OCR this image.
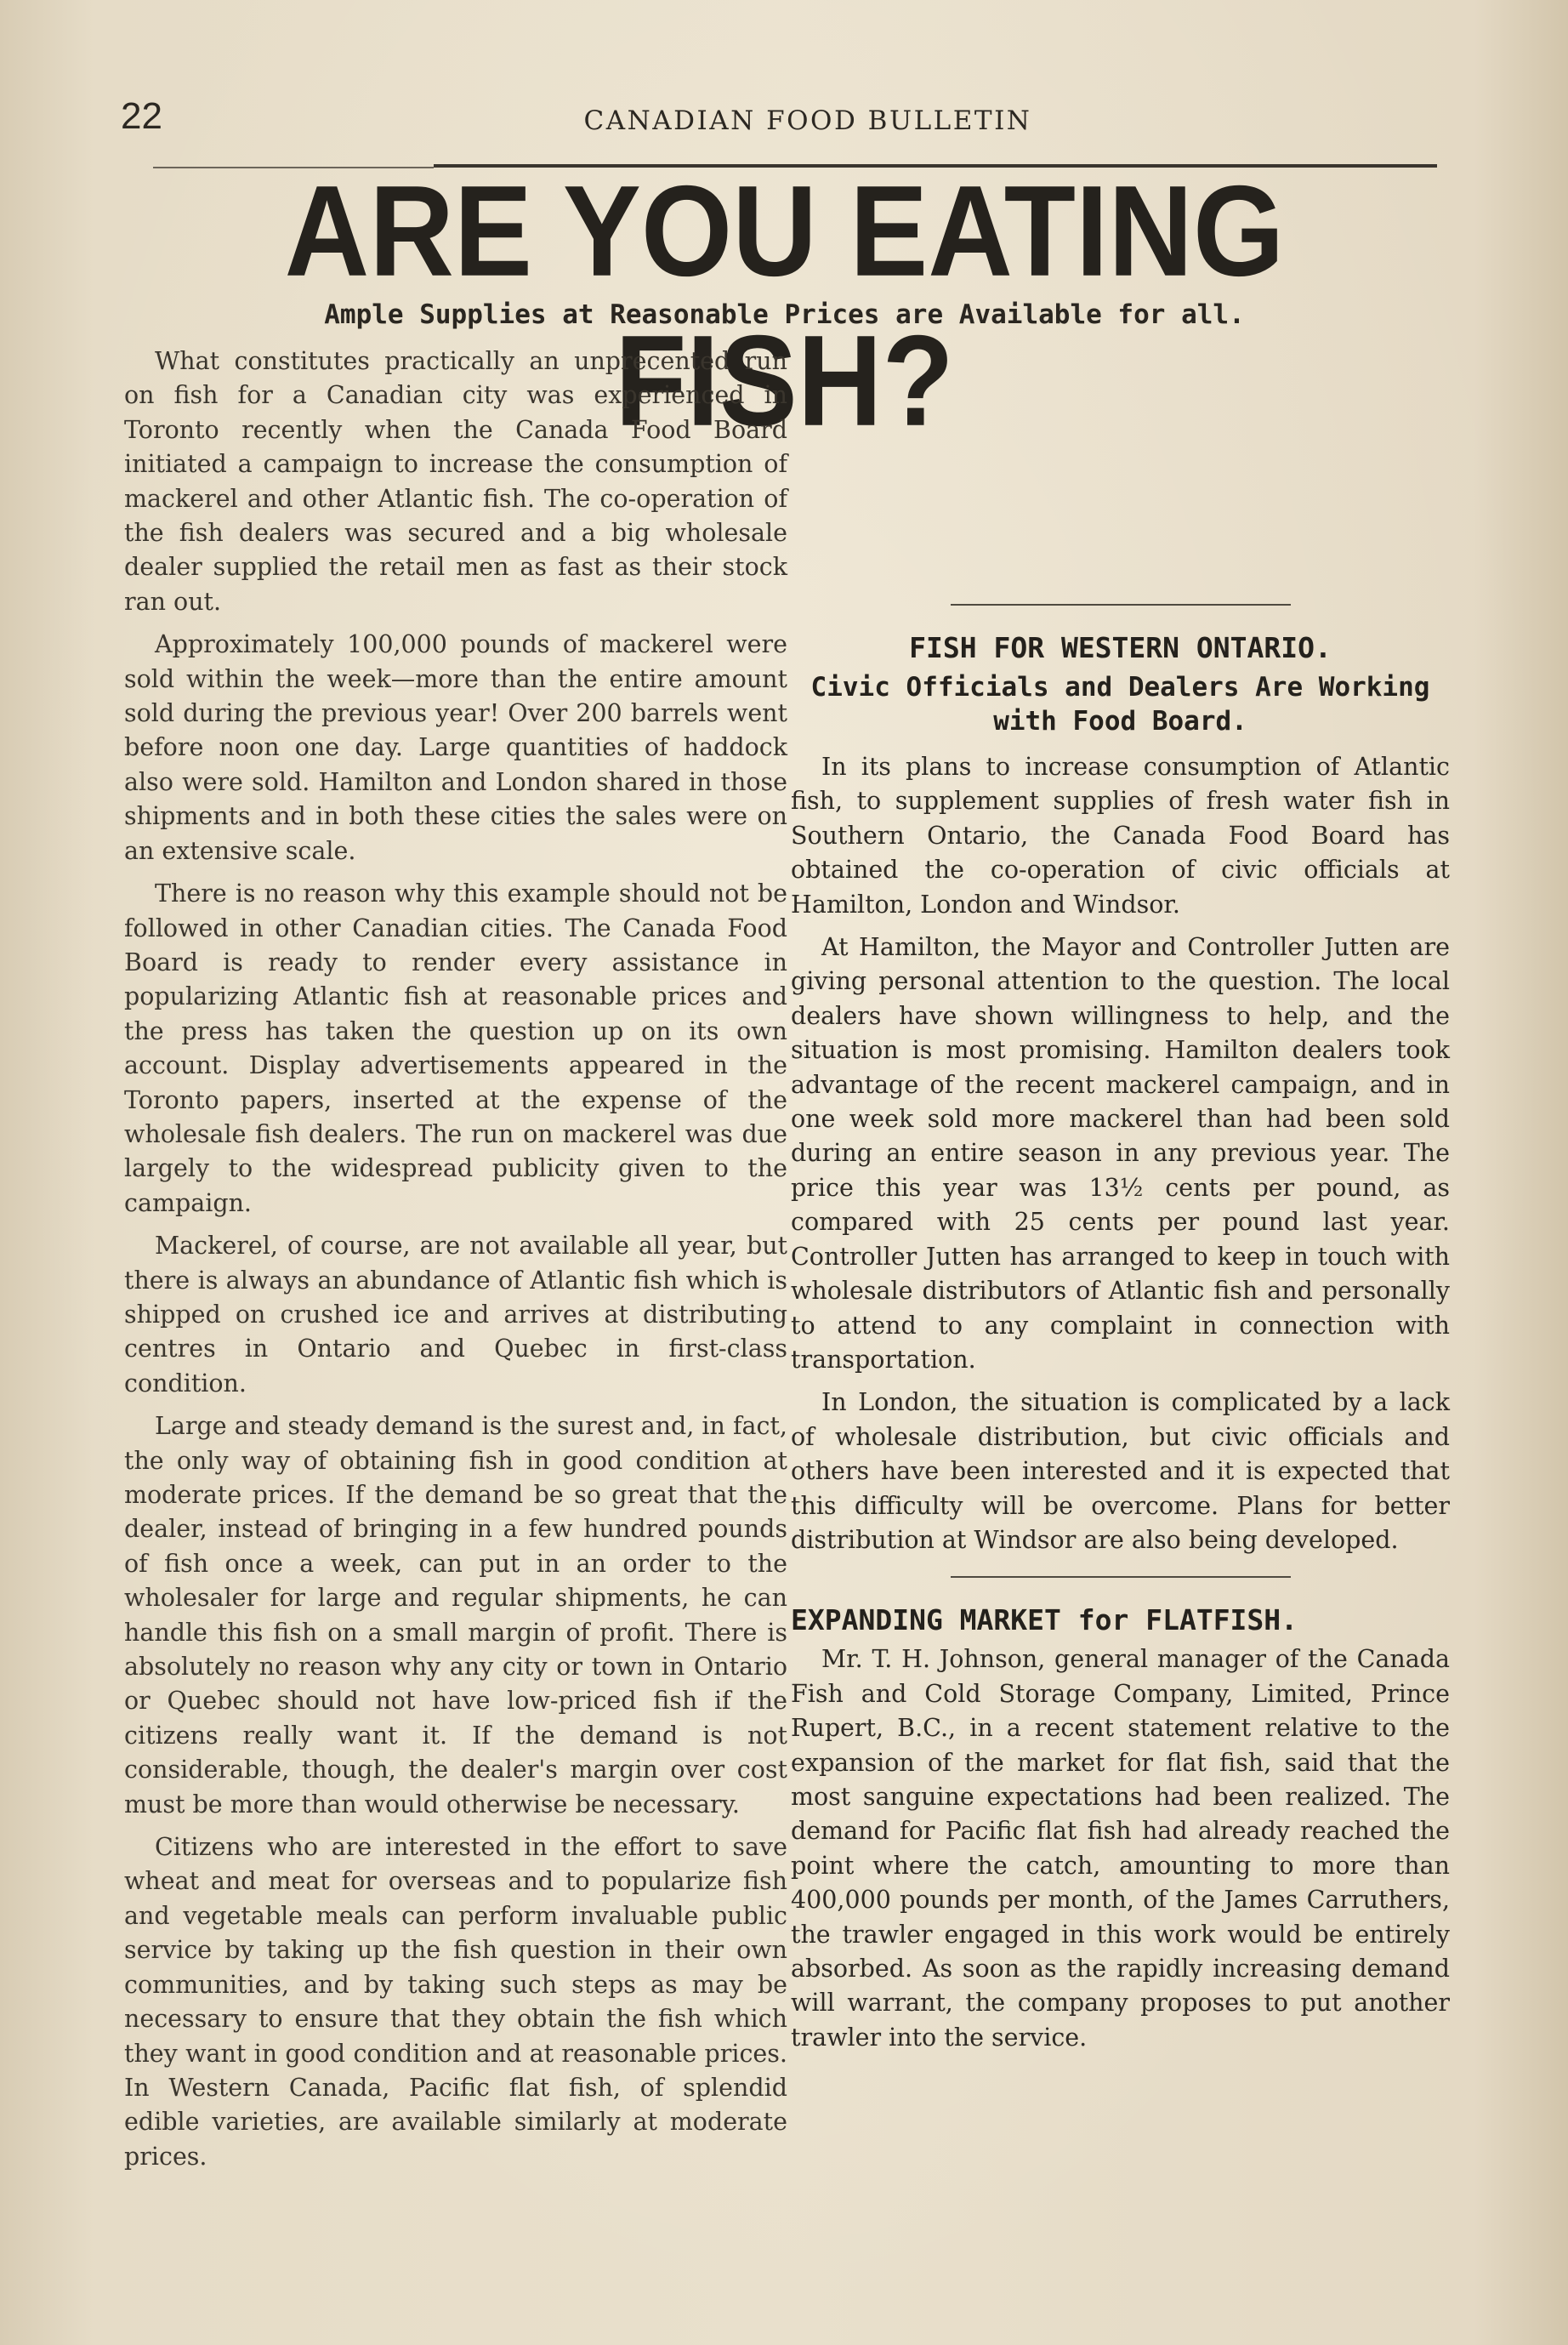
22	CANADIAN FOOD BULLETIN
ARE YOU EATING FISH?
Ample Supplies at Reasonable Prices are Available for all.

What constitutes practically an unprecented run on fish for a Canadian city was experienced in Toronto recently when the Canada Food Board initiated a campaign to increase the consumption of mackerel and other Atlantic fish. The co-operation of the fish dealers was secured and a big wholesale dealer supplied the retail men as fast as their stock ran out.

Approximately 100,000 pounds of mackerel were sold within the week—more than the entire amount sold during the previous year! Over 200 barrels went before noon one day. Large quantities of haddock also were sold. Hamilton and London shared in those shipments and in both these cities the sales were on an extensive scale.

There is no reason why this example should not be followed in other Canadian cities. The Canada Food Board is ready to render every assistance in popularizing Atlantic fish at reasonable prices and the press has taken the question up on its own account. Display advertisements appeared in the Toronto papers, inserted at the expense of the wholesale fish dealers. The run on mackerel was due largely to the widespread publicity given to the campaign.

Mackerel, of course, are not available all year, but there is always an abundance of Atlantic fish which is shipped on crushed ice and arrives at distributing centres in Ontario and Quebec in first-class condition.

Large and steady demand is the surest and, in fact, the only way of obtaining fish in good condition at moderate prices. If the demand be so great that the dealer, instead of bringing in a few hundred pounds of fish once a week, can put in an order to the wholesaler for large and regular shipments, he can handle this fish on a small margin of profit. There is absolutely no reason why any city or town in Ontario or Quebec should not have low-priced fish if the citizens really want it. If the demand is not considerable, though, the dealer's margin over cost must be more than would otherwise be necessary.

Citizens who are interested in the effort to save wheat and meat for overseas and to popularize fish and vegetable meals can perform invaluable public service by taking up the fish question in their own communities, and by taking such steps as may be necessary to ensure that they obtain the fish which they want in good condition and at reasonable prices. In Western Canada, Pacific flat fish, of splendid edible varieties, are available similarly at moderate prices.

FISH FOR WESTERN ONTARIO.
Civic Officials and Dealers Are Working with Food Board.

In its plans to increase consumption of Atlantic fish, to supplement supplies of fresh water fish in Southern Ontario, the Canada Food Board has obtained the co-operation of civic officials at Hamilton, London and Windsor.

At Hamilton, the Mayor and Controller Jutten are giving personal attention to the question. The local dealers have shown willingness to help, and the situation is most promising. Hamilton dealers took advantage of the recent mackerel campaign, and in one week sold more mackerel than had been sold during an entire season in any previous year. The price this year was 13½ cents per pound, as compared with 25 cents per pound last year. Controller Jutten has arranged to keep in touch with wholesale distributors of Atlantic fish and personally to attend to any complaint in connection with transportation.

In London, the situation is complicated by a lack of wholesale distribution, but civic officials and others have been interested and it is expected that this difficulty will be overcome. Plans for better distribution at Windsor are also being developed.

EXPANDING MARKET for FLATFISH.

Mr. T. H. Johnson, general manager of the Canada Fish and Cold Storage Company, Limited, Prince Rupert, B.C., in a recent statement relative to the expansion of the market for flat fish, said that the most sanguine expectations had been realized. The demand for Pacific flat fish had already reached the point where the catch, amounting to more than 400,000 pounds per month, of the James Carruthers, the trawler engaged in this work would be entirely absorbed. As soon as the rapidly increasing demand will warrant, the company proposes to put another trawler into the service.
